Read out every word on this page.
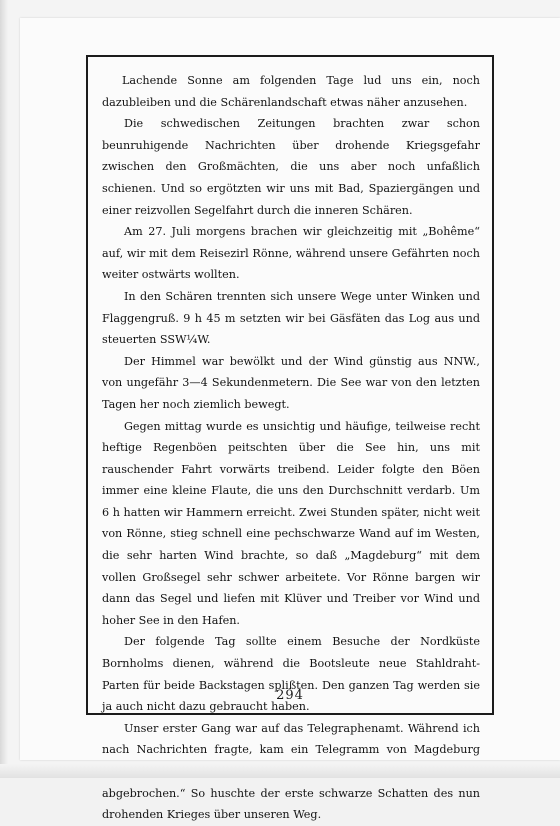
Lachende Sonne am folgenden Tage lud uns ein, noch dazubleiben und die Schärenlandschaft etwas näher anzusehen.

Die schwedischen Zeitungen brachten zwar schon beunruhigende Nachrichten über drohende Kriegsgefahr zwischen den Großmächten, die uns aber noch unfaßlich schienen. Und so ergötzten wir uns mit Bad, Spaziergängen und einer reizvollen Segelfahrt durch die inneren Schären.

Am 27. Juli morgens brachen wir gleichzeitig mit „Bohême“ auf, wir mit dem Reisezirl Rönne, während unsere Gefährten noch weiter ostwärts wollten.

In den Schären trennten sich unsere Wege unter Winken und Flaggengruß. 9 h 45 m setzten wir bei Gäsfäten das Log aus und steuerten SSW¼W.

Der Himmel war bewölkt und der Wind günstig aus NNW., von ungefähr 3—4 Sekundenmetern. Die See war von den letzten Tagen her noch ziemlich bewegt.

Gegen mittag wurde es unsichtig und häufige, teilweise recht heftige Regenböen peitschten über die See hin, uns mit rauschender Fahrt vorwärts treibend. Leider folgte den Böen immer eine kleine Flaute, die uns den Durchschnitt verdarb. Um 6 h hatten wir Hammern erreicht. Zwei Stunden später, nicht weit von Rönne, stieg schnell eine pechschwarze Wand auf im Westen, die sehr harten Wind brachte, so daß „Magdeburg“ mit dem vollen Großsegel sehr schwer arbeitete. Vor Rönne bargen wir dann das Segel und liefen mit Klüver und Treiber vor Wind und hoher See in den Hafen.

Der folgende Tag sollte einem Besuche der Nordküste Bornholms dienen, während die Bootsleute neue Stahldraht-Parten für beide Backstagen splißten. Den ganzen Tag werden sie ja auch nicht dazu gebraucht haben.

Unser erster Gang war auf das Telegraphenamt. Während ich nach Nachrichten fragte, kam ein Telegramm von Magdeburg abgebrochen.“ So huschte der erste schwarze Schatten des nun drohenden Krieges über unseren Weg.

294
